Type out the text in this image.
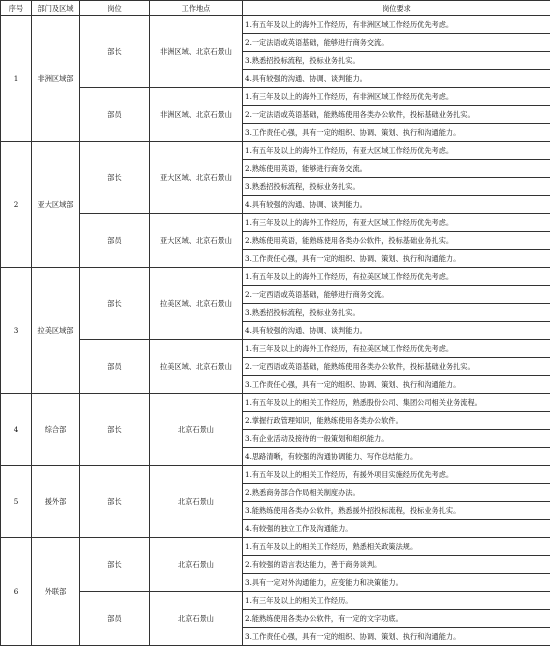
序号	部门及区域	岗位	工作地点	岗位要求
1	非洲区域部	部长	非洲区域、北京石景山	1.有五年及以上的海外工作经历，有非洲区域工作经历优先考虑。
				2.一定法语或英语基础，能够进行商务交流。
				3.熟悉招投标流程，投标业务扎实。
				4.具有较强的沟通、协调、谈判能力。
		部员	非洲区域、北京石景山	1.有三年及以上的海外工作经历，有非洲区域工作经历优先考虑。
				2.一定法语或英语基础，能熟练使用各类办公软件，投标基础业务扎实。
				3.工作责任心强，具有一定的组织、协调、策划、执行和沟通能力。
2	亚大区域部	部长	亚大区域、北京石景山	1.有五年及以上的海外工作经历，有亚大区域工作经历优先考虑。
				2.熟练使用英语，能够进行商务交流。
				3.熟悉招投标流程，投标业务扎实。
				4.具有较强的沟通、协调、谈判能力。
		部员	亚大区域、北京石景山	1.有三年及以上的海外工作经历，有亚大区域工作经历优先考虑。
				2.熟练使用英语，能熟练使用各类办公软件，投标基础业务扎实。
				3.工作责任心强，具有一定的组织、协调、策划、执行和沟通能力。
3	拉美区域部	部长	拉美区域、北京石景山	1.有五年及以上的海外工作经历，有拉美区域工作经历优先考虑。
				2.一定西语或英语基础，能够进行商务交流。
				3.熟悉招投标流程，投标业务扎实。
				4.具有较强的沟通、协调、谈判能力。
		部员	拉美区域、北京石景山	1.有三年及以上的海外工作经历，有拉美区域工作经历优先考虑。
				2.一定西语或英语基础，能熟练使用各类办公软件，投标基础业务扎实。
				3.工作责任心强，具有一定的组织、协调、策划、执行和沟通能力。
4	综合部	部长	北京石景山	1.有五年及以上的相关工作经历，熟悉股份公司、集团公司相关业务流程。
				2.掌握行政管理知识，能熟练使用各类办公软件。
				3.有企业活动及接待的一般策划和组织能力。
				4.思路清晰，有较强的沟通协调能力、写作总结能力。
5	援外部	部长	北京石景山	1.有五年及以上的相关工作经历，有援外项目实施经历优先考虑。
				2.熟悉商务部合作局相关制度办法。
				3.能熟练使用各类办公软件，熟悉援外招投标流程，投标业务扎实。
				4.有较强的独立工作及沟通能力。
6	外联部	部长	北京石景山	1.有五年及以上的相关工作经历，熟悉相关政策法规。
				2.有较强的语言表达能力，善于商务谈判。
				3.具有一定对外沟通能力，应变能力和决策能力。
		部员	北京石景山	1.有三年及以上的相关工作经历。
				2.能熟练使用各类办公软件，有一定的文字功底。
				3.工作责任心强，具有一定的组织、协调、策划、执行和沟通能力。
